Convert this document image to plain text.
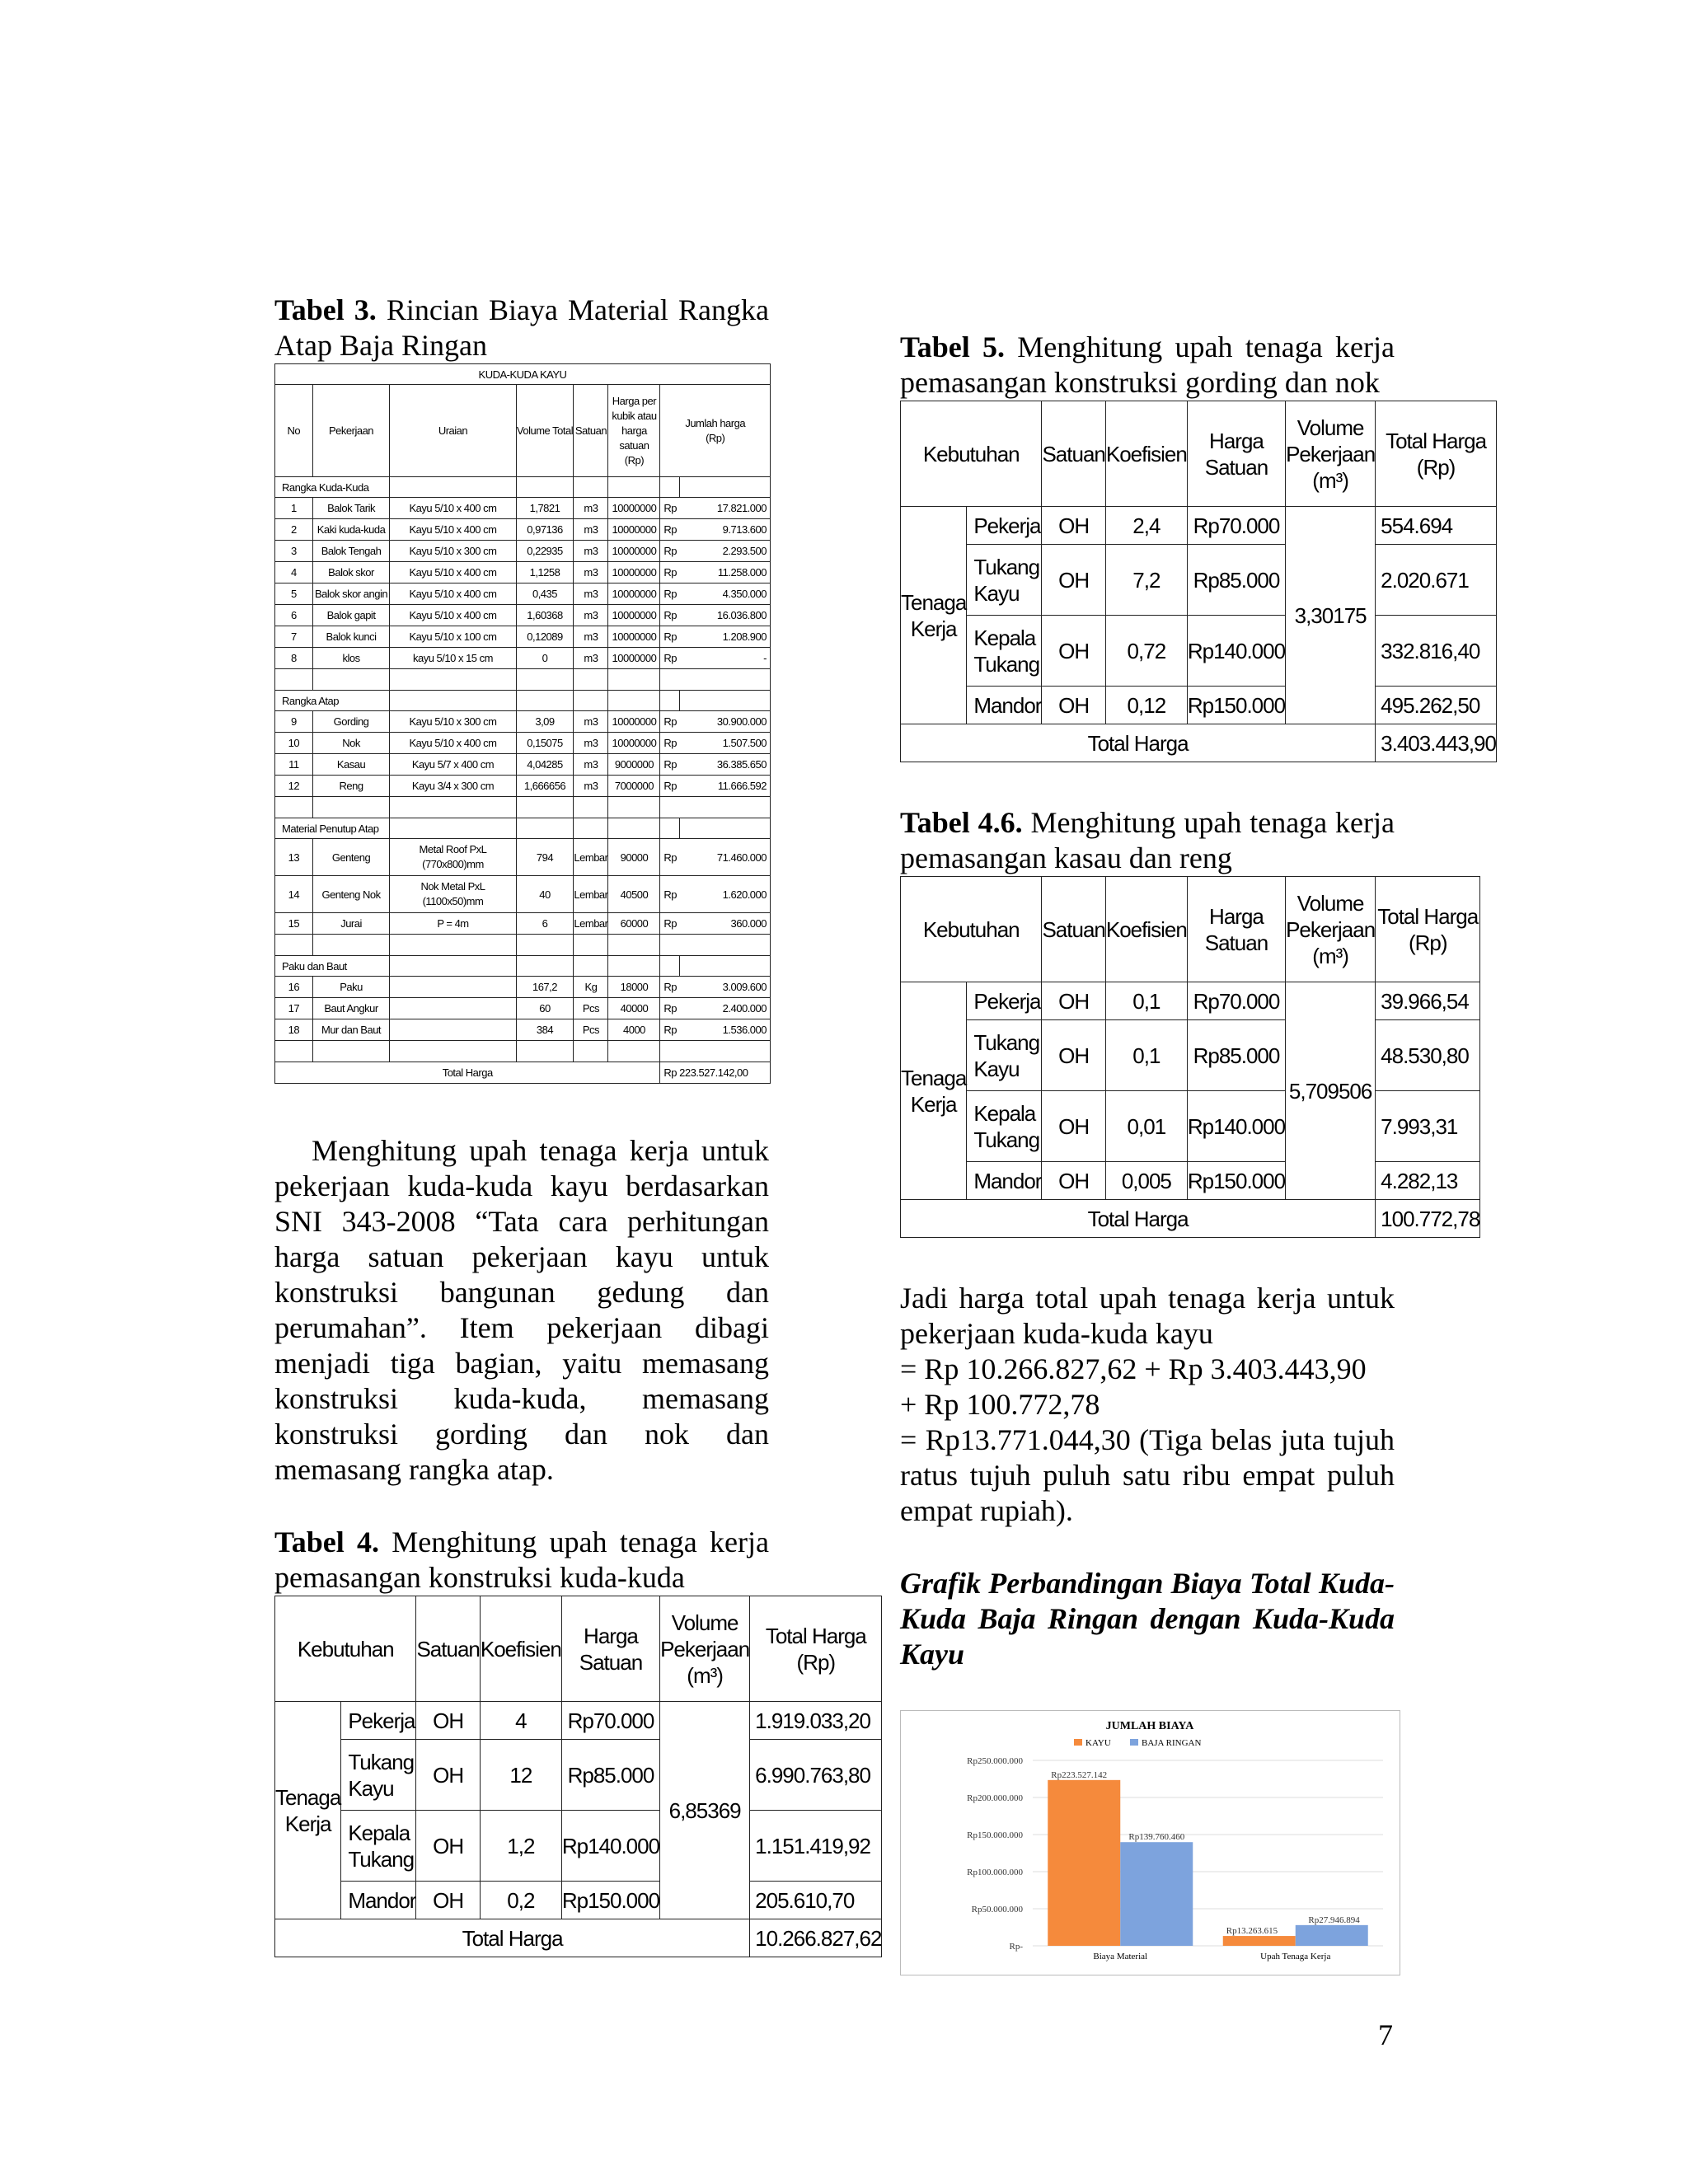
Tabel 3. Rincian Biaya Material Rangka Atap Baja Ringan
KUDA-KUDA KAYU							
No	Pekerjaan	Uraian	Volume Total	Satuan	Harga per kubik atau harga satuan (Rp)	Jumlah harga (Rp)	
Rangka Kuda-Kuda							
1	Balok Tarik	Kayu 5/10 x 400 cm	1,7821	m3	10000000	Rp	17.821.000
2	Kaki kuda-kuda	Kayu 5/10 x 400 cm	0,97136	m3	10000000	Rp	9.713.600
3	Balok Tengah	Kayu 5/10 x 300 cm	0,22935	m3	10000000	Rp	2.293.500
4	Balok skor	Kayu 5/10 x 400 cm	1,1258	m3	10000000	Rp	11.258.000
5	Balok skor angin	Kayu 5/10 x 400 cm	0,435	m3	10000000	Rp	4.350.000
6	Balok gapit	Kayu 5/10 x 400 cm	1,60368	m3	10000000	Rp	16.036.800
7	Balok kunci	Kayu 5/10 x 100 cm	0,12089	m3	10000000	Rp	1.208.900
8	klos	kayu 5/10 x 15 cm	0	m3	10000000	Rp	-

Rangka Atap							
9	Gording	Kayu 5/10 x 300 cm	3,09	m3	10000000	Rp	30.900.000
10	Nok	Kayu 5/10 x 400 cm	0,15075	m3	10000000	Rp	1.507.500
11	Kasau	Kayu 5/7 x 400 cm	4,04285	m3	9000000	Rp	36.385.650
12	Reng	Kayu 3/4 x 300 cm	1,666656	m3	7000000	Rp	11.666.592

Material Penutup Atap							
13	Genteng	Metal Roof PxL (770x800)mm	794	Lembar	90000	Rp	71.460.000
14	Genteng Nok	Nok Metal PxL (1100x50)mm	40	Lembar	40500	Rp	1.620.000
15	Jurai	P = 4m	6	Lembar	60000	Rp	360.000

Paku dan Baut							
16	Paku		167,2	Kg	18000	Rp	3.009.600
17	Baut Angkur		60	Pcs	40000	Rp	2.400.000
18	Mur dan Baut		384	Pcs	4000	Rp	1.536.000

Total Harga						Rp 223.527.142,00	
Menghitung upah tenaga kerja untuk pekerjaan kuda-kuda kayu berdasarkan SNI 343-2008 “Tata cara perhitungan harga satuan pekerjaan kayu untuk konstruksi bangunan gedung dan perumahan”. Item pekerjaan dibagi menjadi tiga bagian, yaitu memasang konstruksi kuda-kuda, memasang konstruksi gording dan nok dan memasang rangka atap.
Tabel 4. Menghitung upah tenaga kerja pemasangan konstruksi kuda-kuda
Kebutuhan		Satuan	Koefisien	Harga Satuan	Volume Pekerjaan (m³)	Total Harga (Rp)
Tenaga Kerja	Pekerja	OH	4	Rp70.000	6,85369	1.919.033,20
	Tukang Kayu	OH	12	Rp85.000		6.990.763,80
	Kepala Tukang	OH	1,2	Rp140.000		1.151.419,92
	Mandor	OH	0,2	Rp150.000		205.610,70
Total Harga						10.266.827,62
Tabel 5. Menghitung upah tenaga kerja pemasangan konstruksi gording dan nok
Kebutuhan		Satuan	Koefisien	Harga Satuan	Volume Pekerjaan (m³)	Total Harga (Rp)
Tenaga Kerja	Pekerja	OH	2,4	Rp70.000	3,30175	554.694
	Tukang Kayu	OH	7,2	Rp85.000		2.020.671
	Kepala Tukang	OH	0,72	Rp140.000		332.816,40
	Mandor	OH	0,12	Rp150.000		495.262,50
Total Harga						3.403.443,90
Tabel 4.6. Menghitung upah tenaga kerja pemasangan kasau dan reng
Kebutuhan		Satuan	Koefisien	Harga Satuan	Volume Pekerjaan (m³)	Total Harga (Rp)
Tenaga Kerja	Pekerja	OH	0,1	Rp70.000	5,709506	39.966,54
	Tukang Kayu	OH	0,1	Rp85.000		48.530,80
	Kepala Tukang	OH	0,01	Rp140.000		7.993,31
	Mandor	OH	0,005	Rp150.000		4.282,13
Total Harga						100.772,78
Jadi harga total upah tenaga kerja untuk pekerjaan kuda-kuda kayu
= Rp 10.266.827,62 + Rp 3.403.443,90
+ Rp 100.772,78
= Rp13.771.044,30 (Tiga belas juta tujuh ratus tujuh puluh satu ribu empat puluh        empat rupiah).
Grafik Perbandingan Biaya Total Kuda-Kuda Baja Ringan dengan Kuda-Kuda Kayu
JUMLAH BIAYA
KAYU	BAJA RINGAN
Rp-
Rp50.000.000
Rp100.000.000
Rp150.000.000
Rp200.000.000
Rp250.000.000
Rp223.527.142
Rp139.760.460
Biaya Material
Rp13.263.615
Rp27.946.894
Upah Tenaga Kerja
7
